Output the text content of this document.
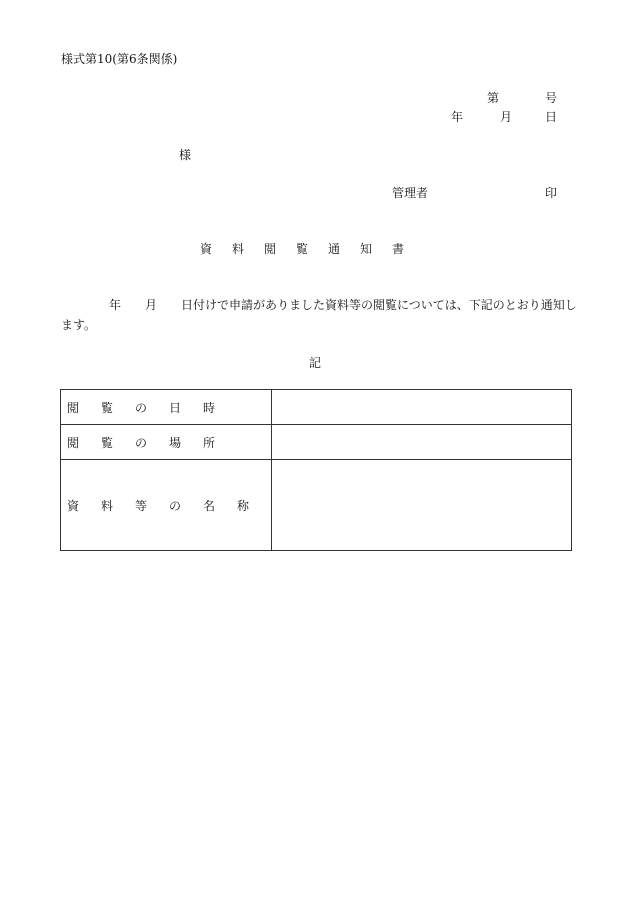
様式第10(第6条関係)
第	号
年	月	日
様
管理者	印
資料閲覧通知書
年 月 日付けで申請がありました資料等の閲覧については、下記のとおり通知し
ます。
記
閲覧の日時	
閲覧の場所	
資料等の名称	
